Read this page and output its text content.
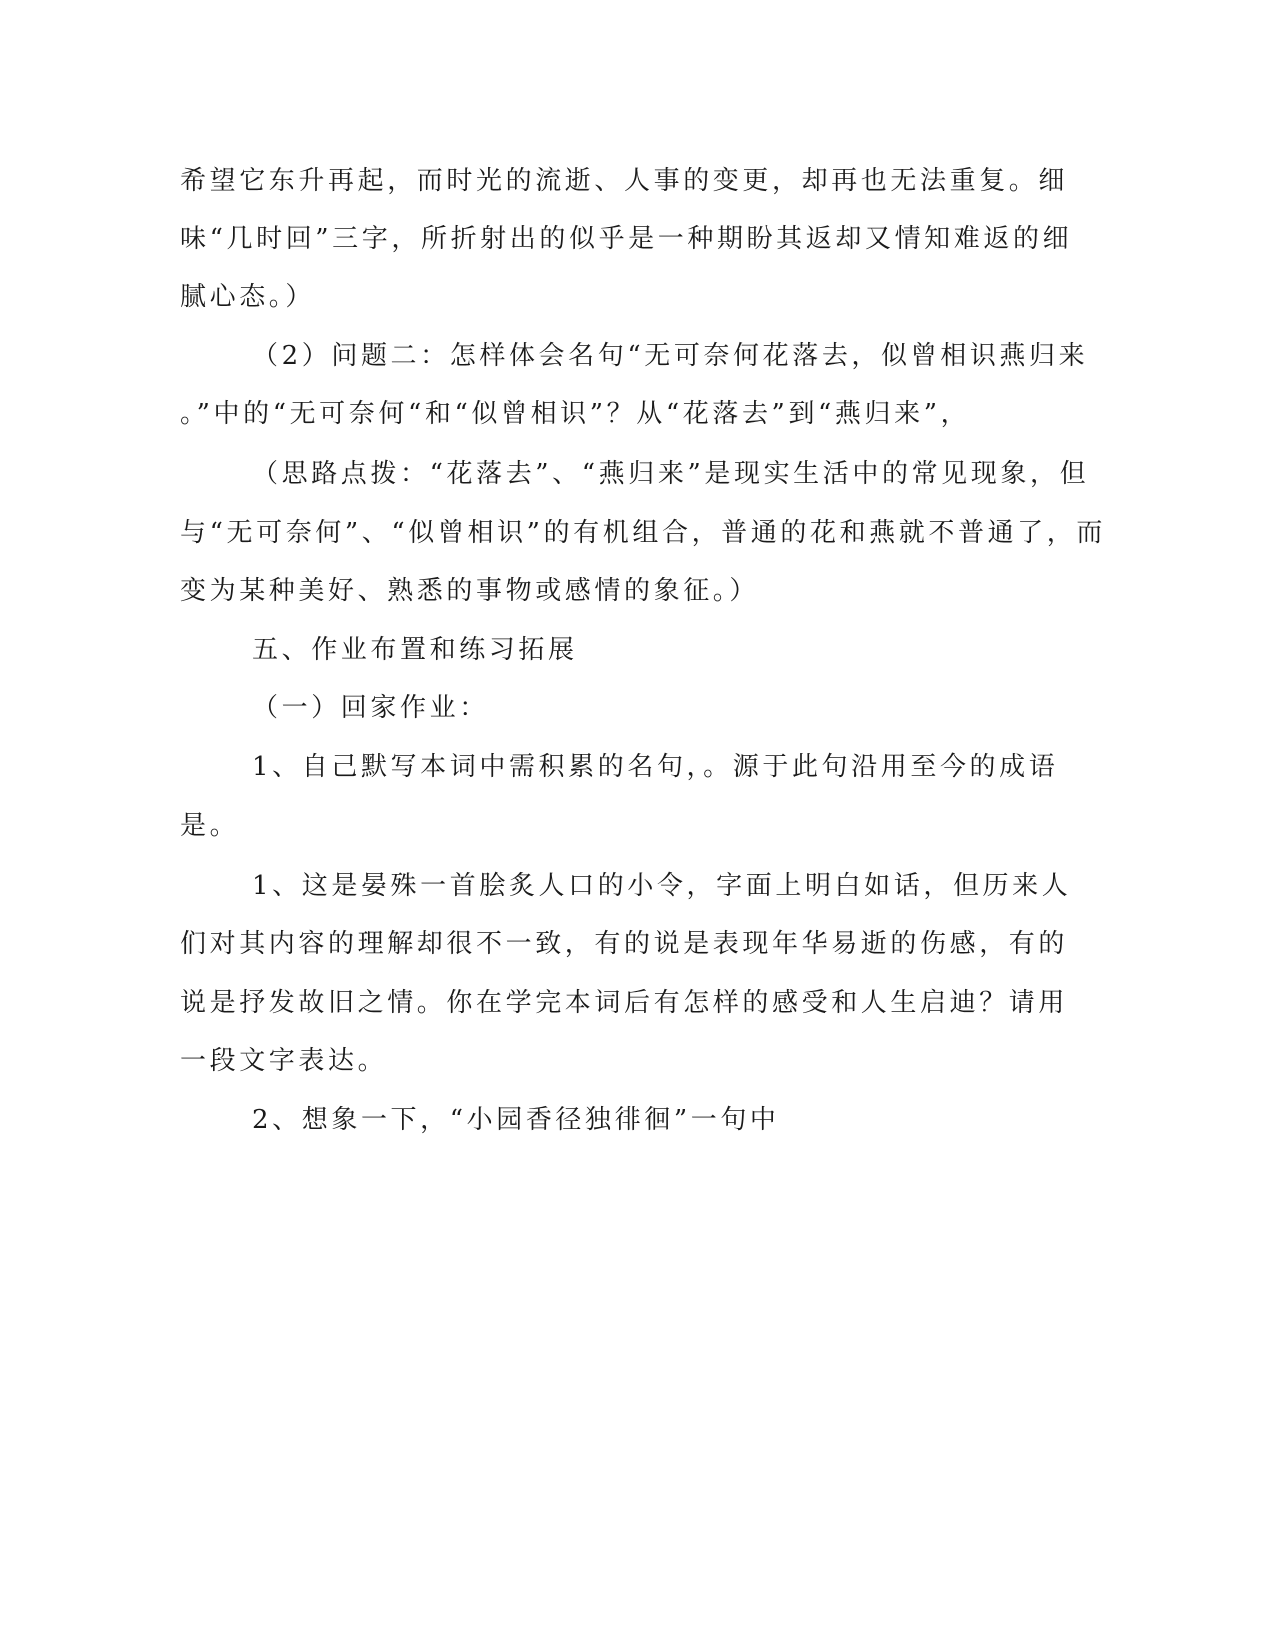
希望它东升再起，而时光的流逝、人事的变更，却再也无法重复。细
味“几时回”三字，所折射出的似乎是一种期盼其返却又情知难返的细
腻心态。）
（2）问题二：怎样体会名句“无可奈何花落去，似曾相识燕归来
。”中的“无可奈何“和“似曾相识”？从“花落去”到“燕归来”，
（思路点拨：“花落去”、“燕归来”是现实生活中的常见现象，但
与“无可奈何”、“似曾相识”的有机组合，普通的花和燕就不普通了，而
变为某种美好、熟悉的事物或感情的象征。）
五、作业布置和练习拓展
（一）回家作业：
1、自己默写本词中需积累的名句，。源于此句沿用至今的成语
是。
1、这是晏殊一首脍炙人口的小令，字面上明白如话，但历来人
们对其内容的理解却很不一致，有的说是表现年华易逝的伤感，有的
说是抒发故旧之情。你在学完本词后有怎样的感受和人生启迪？请用
一段文字表达。
2、想象一下，“小园香径独徘徊”一句中
